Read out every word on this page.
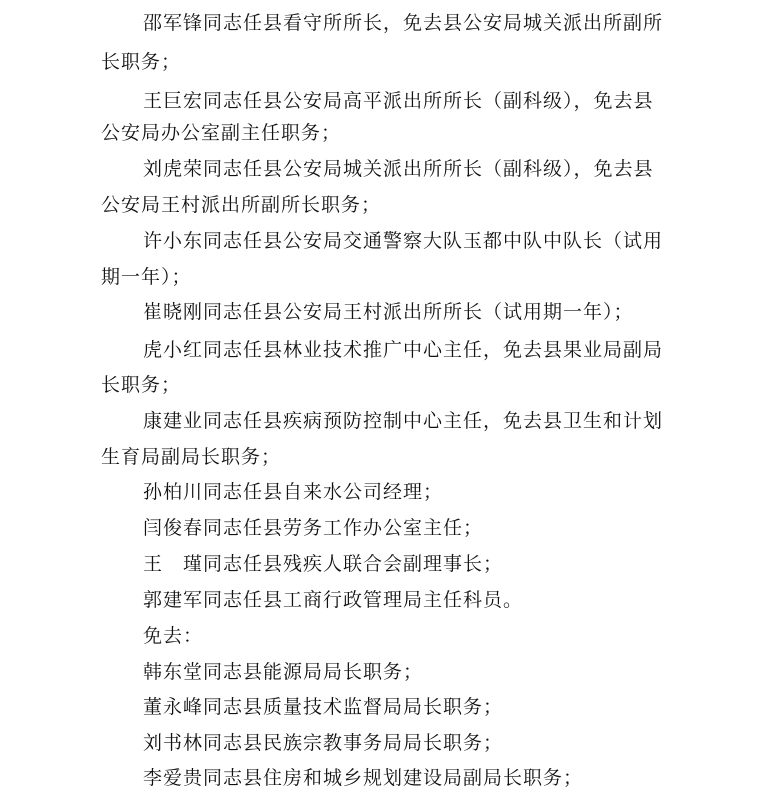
邵军锋同志任县看守所所长，免去县公安局城关派出所副所
长职务；
王巨宏同志任县公安局高平派出所所长（副科级），免去县
公安局办公室副主任职务；
刘虎荣同志任县公安局城关派出所所长（副科级），免去县
公安局王村派出所副所长职务；
许小东同志任县公安局交通警察大队玉都中队中队长（试用
期一年）；
崔晓刚同志任县公安局王村派出所所长（试用期一年）；
虎小红同志任县林业技术推广中心主任，免去县果业局副局
长职务；
康建业同志任县疾病预防控制中心主任，免去县卫生和计划
生育局副局长职务；
孙柏川同志任县自来水公司经理；
闫俊春同志任县劳务工作办公室主任；
王　瑾同志任县残疾人联合会副理事长；
郭建军同志任县工商行政管理局主任科员。
免去：
韩东堂同志县能源局局长职务；
董永峰同志县质量技术监督局局长职务；
刘书林同志县民族宗教事务局局长职务；
李爱贵同志县住房和城乡规划建设局副局长职务；
